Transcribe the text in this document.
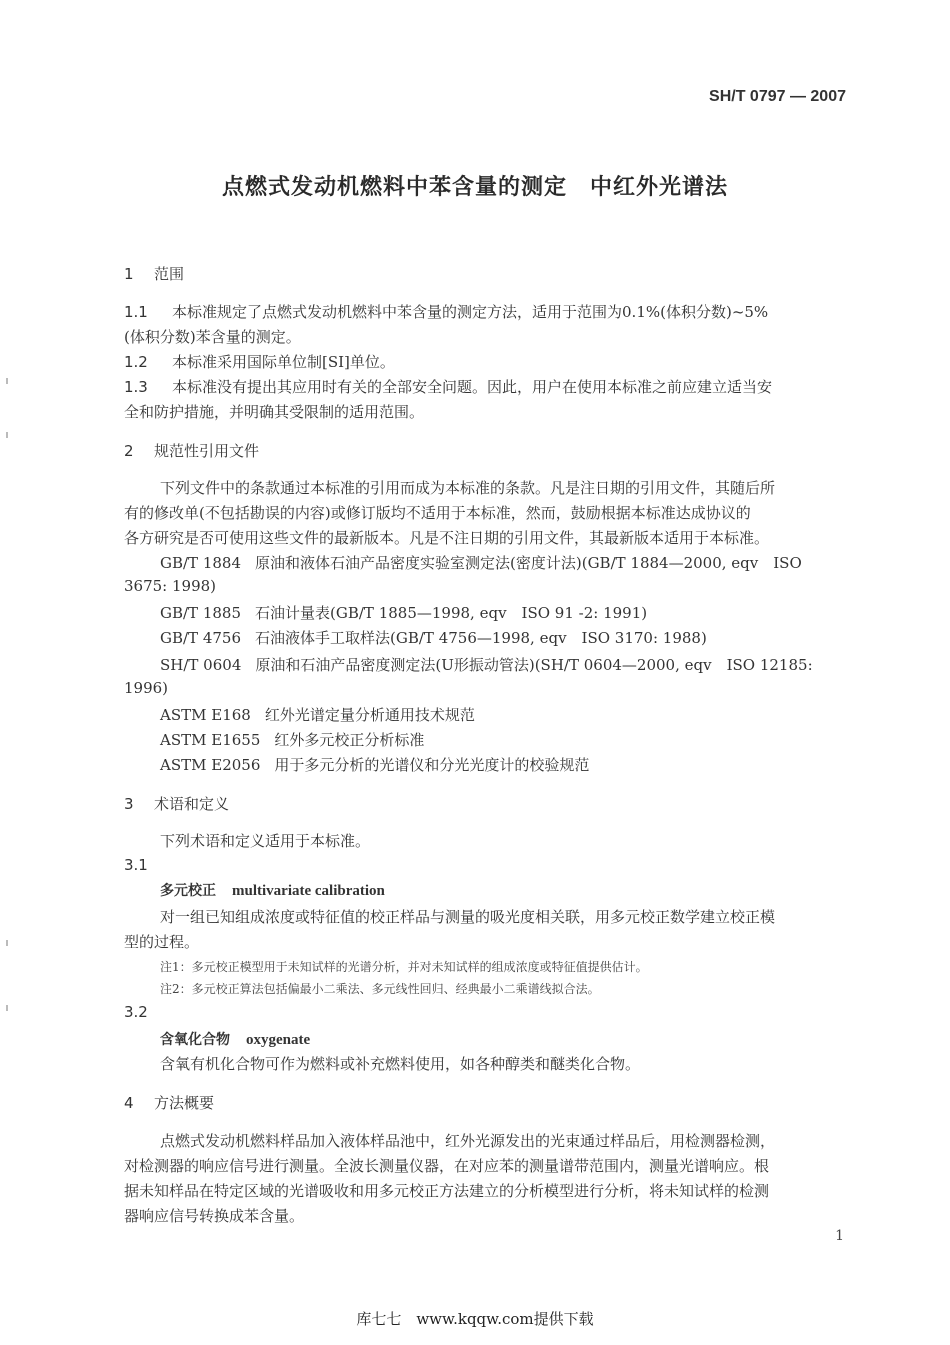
SH/T 0797 — 2007
点燃式发动机燃料中苯含量的测定　中红外光谱法
1 范围
1.1 本标准规定了点燃式发动机燃料中苯含量的测定方法，适用于范围为0.1%(体积分数)~5%
(体积分数)苯含量的测定。
1.2 本标准采用国际单位制[SI]单位。
1.3 本标准没有提出其应用时有关的全部安全问题。因此，用户在使用本标准之前应建立适当安
全和防护措施，并明确其受限制的适用范围。
2 规范性引用文件
下列文件中的条款通过本标准的引用而成为本标准的条款。凡是注日期的引用文件，其随后所
有的修改单(不包括勘误的内容)或修订版均不适用于本标准，然而，鼓励根据本标准达成协议的
各方研究是否可使用这些文件的最新版本。凡是不注日期的引用文件，其最新版本适用于本标准。
GB/T 1884 原油和液体石油产品密度实验室测定法(密度计法)(GB/T 1884—2000, eqv　ISO
3675: 1998)
GB/T 1885 石油计量表(GB/T 1885—1998, eqv　ISO 91 -2: 1991)
GB/T 4756 石油液体手工取样法(GB/T 4756—1998, eqv　ISO 3170: 1988)
SH/T 0604 原油和石油产品密度测定法(U形振动管法)(SH/T 0604—2000, eqv　ISO 12185:
1996)
ASTM E168 红外光谱定量分析通用技术规范
ASTM E1655 红外多元校正分析标准
ASTM E2056 用于多元分析的光谱仪和分光光度计的校验规范
3 术语和定义
下列术语和定义适用于本标准。
3.1
多元校正 multivariate calibration
对一组已知组成浓度或特征值的校正样品与测量的吸光度相关联，用多元校正数学建立校正模
型的过程。
注1：多元校正模型用于未知试样的光谱分析，并对未知试样的组成浓度或特征值提供估计。
注2：多元校正算法包括偏最小二乘法、多元线性回归、经典最小二乘谱线拟合法。
3.2
含氧化合物 oxygenate
含氧有机化合物可作为燃料或补充燃料使用，如各种醇类和醚类化合物。
4 方法概要
点燃式发动机燃料样品加入液体样品池中，红外光源发出的光束通过样品后，用检测器检测，
对检测器的响应信号进行测量。全波长测量仪器，在对应苯的测量谱带范围内，测量光谱响应。根
据未知样品在特定区域的光谱吸收和用多元校正方法建立的分析模型进行分析，将未知试样的检测
器响应信号转换成苯含量。
1
库七七　www.kqqw.com提供下载
